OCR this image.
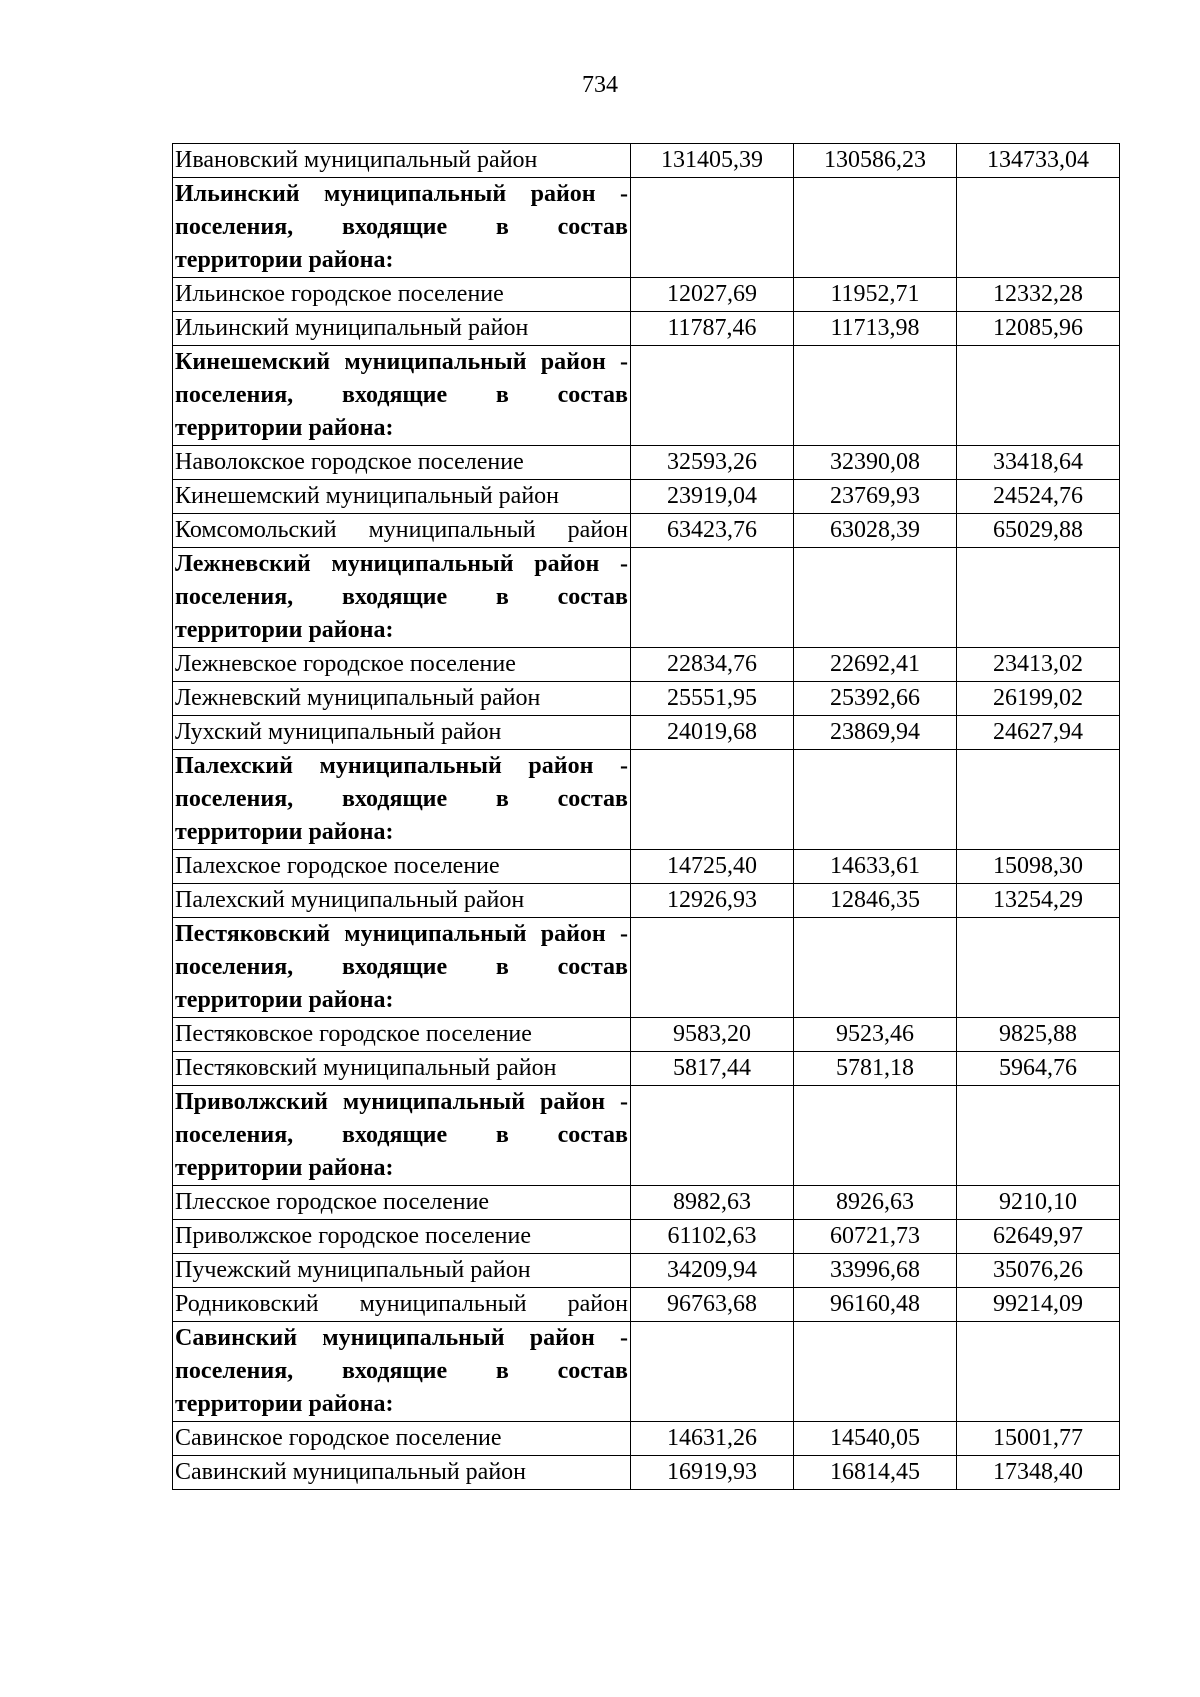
734
Ивановский муниципальный район	131405,39	130586,23	134733,04
Ильинский муниципальный район - поселения, входящие в состав территории района:			
Ильинское городское поселение	12027,69	11952,71	12332,28
Ильинский муниципальный район	11787,46	11713,98	12085,96
Кинешемский муниципальный район - поселения, входящие в состав территории района:			
Наволокское городское поселение	32593,26	32390,08	33418,64
Кинешемский муниципальный район	23919,04	23769,93	24524,76
Комсомольский муниципальный район	63423,76	63028,39	65029,88
Лежневский муниципальный район - поселения, входящие в состав территории района:			
Лежневское городское поселение	22834,76	22692,41	23413,02
Лежневский муниципальный район	25551,95	25392,66	26199,02
Лухский муниципальный район	24019,68	23869,94	24627,94
Палехский муниципальный район - поселения, входящие в состав территории района:			
Палехское городское поселение	14725,40	14633,61	15098,30
Палехский муниципальный район	12926,93	12846,35	13254,29
Пестяковский муниципальный район - поселения, входящие в состав территории района:			
Пестяковское городское поселение	9583,20	9523,46	9825,88
Пестяковский муниципальный район	5817,44	5781,18	5964,76
Приволжский муниципальный район - поселения, входящие в состав территории района:			
Плесское городское поселение	8982,63	8926,63	9210,10
Приволжское городское поселение	61102,63	60721,73	62649,97
Пучежский муниципальный район	34209,94	33996,68	35076,26
Родниковский муниципальный район	96763,68	96160,48	99214,09
Савинский муниципальный район - поселения, входящие в состав территории района:			
Савинское городское поселение	14631,26	14540,05	15001,77
Савинский муниципальный район	16919,93	16814,45	17348,40
